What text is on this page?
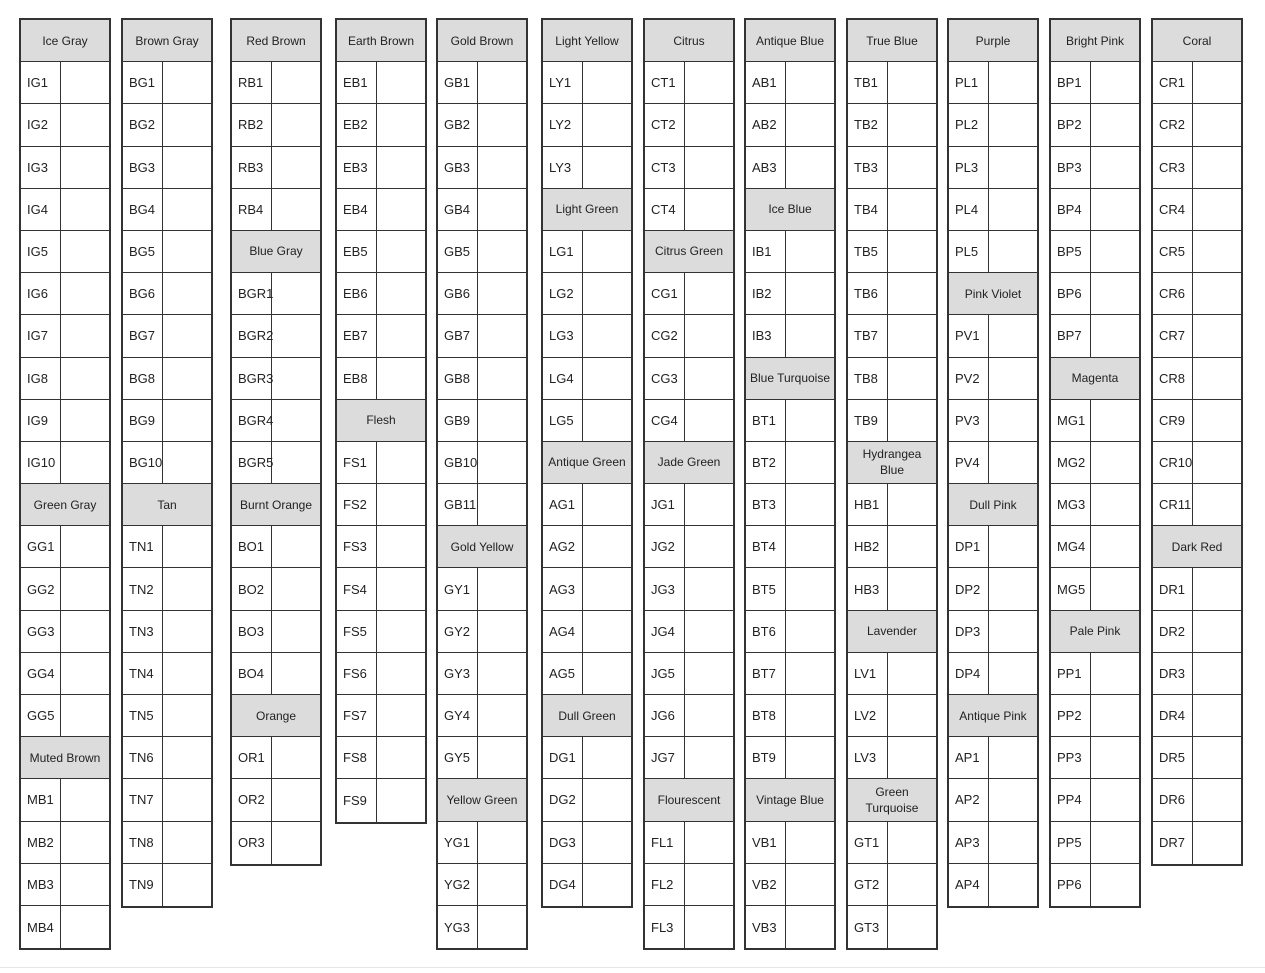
Ice Gray
IG1
IG2
IG3
IG4
IG5
IG6
IG7
IG8
IG9
IG10
Green Gray
GG1
GG2
GG3
GG4
GG5
Muted Brown
MB1
MB2
MB3
MB4
Brown Gray
BG1
BG2
BG3
BG4
BG5
BG6
BG7
BG8
BG9
BG10
Tan
TN1
TN2
TN3
TN4
TN5
TN6
TN7
TN8
TN9
Red Brown
RB1
RB2
RB3
RB4
Blue Gray
BGR1
BGR2
BGR3
BGR4
BGR5
Burnt Orange
BO1
BO2
BO3
BO4
Orange
OR1
OR2
OR3
Earth Brown
EB1
EB2
EB3
EB4
EB5
EB6
EB7
EB8
Flesh
FS1
FS2
FS3
FS4
FS5
FS6
FS7
FS8
FS9
Gold Brown
GB1
GB2
GB3
GB4
GB5
GB6
GB7
GB8
GB9
GB10
GB11
Gold Yellow
GY1
GY2
GY3
GY4
GY5
Yellow Green
YG1
YG2
YG3
Light Yellow
LY1
LY2
LY3
Light Green
LG1
LG2
LG3
LG4
LG5
Antique Green
AG1
AG2
AG3
AG4
AG5
Dull Green
DG1
DG2
DG3
DG4
Citrus
CT1
CT2
CT3
CT4
Citrus Green
CG1
CG2
CG3
CG4
Jade Green
JG1
JG2
JG3
JG4
JG5
JG6
JG7
Flourescent
FL1
FL2
FL3
Antique Blue
AB1
AB2
AB3
Ice Blue
IB1
IB2
IB3
Blue Turquoise
BT1
BT2
BT3
BT4
BT5
BT6
BT7
BT8
BT9
Vintage Blue
VB1
VB2
VB3
True Blue
TB1
TB2
TB3
TB4
TB5
TB6
TB7
TB8
TB9
Hydrangea Blue
HB1
HB2
HB3
Lavender
LV1
LV2
LV3
Green Turquoise
GT1
GT2
GT3
Purple
PL1
PL2
PL3
PL4
PL5
Pink Violet
PV1
PV2
PV3
PV4
Dull Pink
DP1
DP2
DP3
DP4
Antique Pink
AP1
AP2
AP3
AP4
Bright Pink
BP1
BP2
BP3
BP4
BP5
BP6
BP7
Magenta
MG1
MG2
MG3
MG4
MG5
Pale Pink
PP1
PP2
PP3
PP4
PP5
PP6
Coral
CR1
CR2
CR3
CR4
CR5
CR6
CR7
CR8
CR9
CR10
CR11
Dark Red
DR1
DR2
DR3
DR4
DR5
DR6
DR7
